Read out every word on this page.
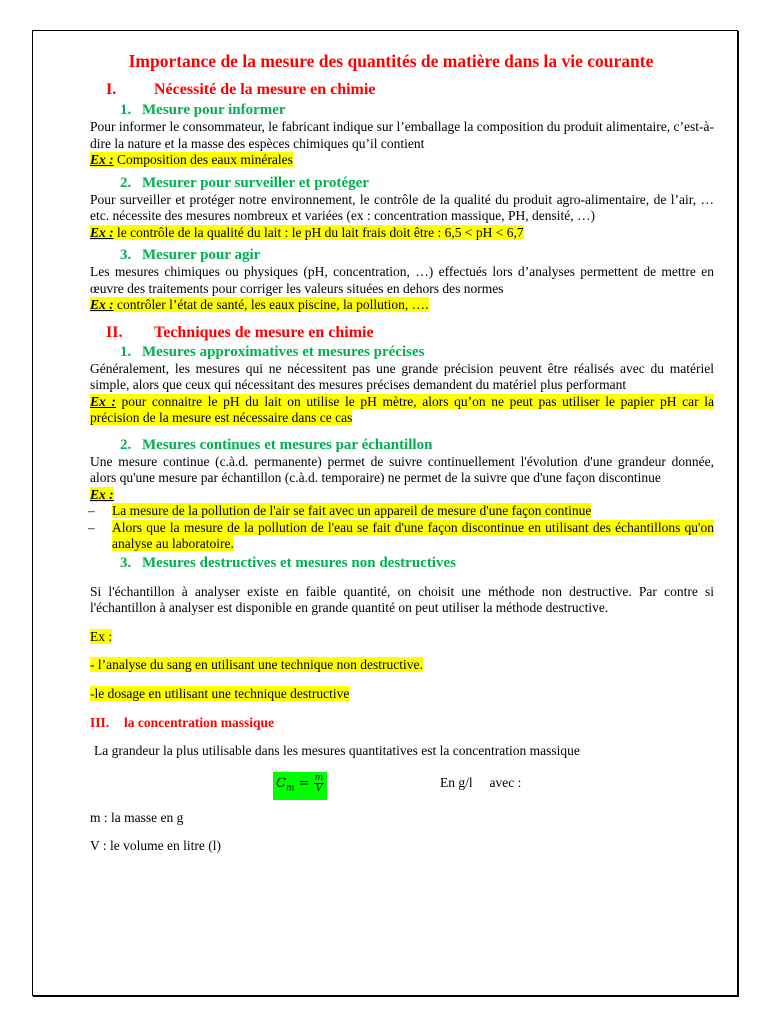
Importance de la mesure des quantités de matière dans la vie courante
I. Nécessité de la mesure en chimie
1. Mesure pour informer

Pour informer le consommateur, le fabricant indique sur l’emballage la composition du produit alimentaire, c’est-à-dire la nature et la masse des espèces chimiques qu’il contient

Ex : Composition des eaux minérales

2. Mesurer pour surveiller et protéger

Pour surveiller et protéger notre environnement, le contrôle de la qualité du produit agro-alimentaire, de l’air, …etc. nécessite des mesures nombreux et variées (ex : concentration massique, PH, densité, …)

Ex : le contrôle de la qualité du lait : le pH du lait frais doit être : 6,5 < pH < 6,7

3. Mesurer pour agir

Les mesures chimiques ou physiques (pH, concentration, …) effectués lors d’analyses permettent de mettre en œuvre des traitements pour corriger les valeurs situées en dehors des normes

Ex : contrôler l’état de santé, les eaux piscine, la pollution, ….

II. Techniques de mesure en chimie
1. Mesures approximatives et mesures précises

Généralement, les mesures qui ne nécessitent pas une grande précision peuvent être réalisés avec du matériel simple, alors que ceux qui nécessitant des mesures précises demandent du matériel plus performant

Ex : pour connaitre le pH du lait on utilise le pH mètre, alors qu’on ne peut pas utiliser le papier pH car la précision de la mesure est nécessaire dans ce cas

2. Mesures continues et mesures par échantillon

Une mesure continue (c.à.d. permanente) permet de suivre continuellement l'évolution d'une grandeur donnée, alors qu'une mesure par échantillon (c.à.d. temporaire) ne permet de la suivre que d'une façon discontinue

Ex :

–	La mesure de la pollution de l'air se fait avec un appareil de mesure d'une façon continue
–	Alors que la mesure de la pollution de l'eau se fait d'une façon discontinue en utilisant des échantillons qu'on analyse au laboratoire.
3. Mesures destructives et mesures non destructives

Si l'échantillon à analyser existe en faible quantité, on choisit une méthode non destructive. Par contre si l'échantillon à analyser est disponible en grande quantité on peut utiliser la méthode destructive.

Ex :

- l’analyse du sang en utilisant une technique non destructive.

-le dosage en utilisant une technique destructive

III. la concentration massique

La grandeur la plus utilisable dans les mesures quantitatives est la concentration massique

$C_m = \frac{m}{V}$	En g/l     avec :

m : la masse en g

V : le volume en litre (l)
